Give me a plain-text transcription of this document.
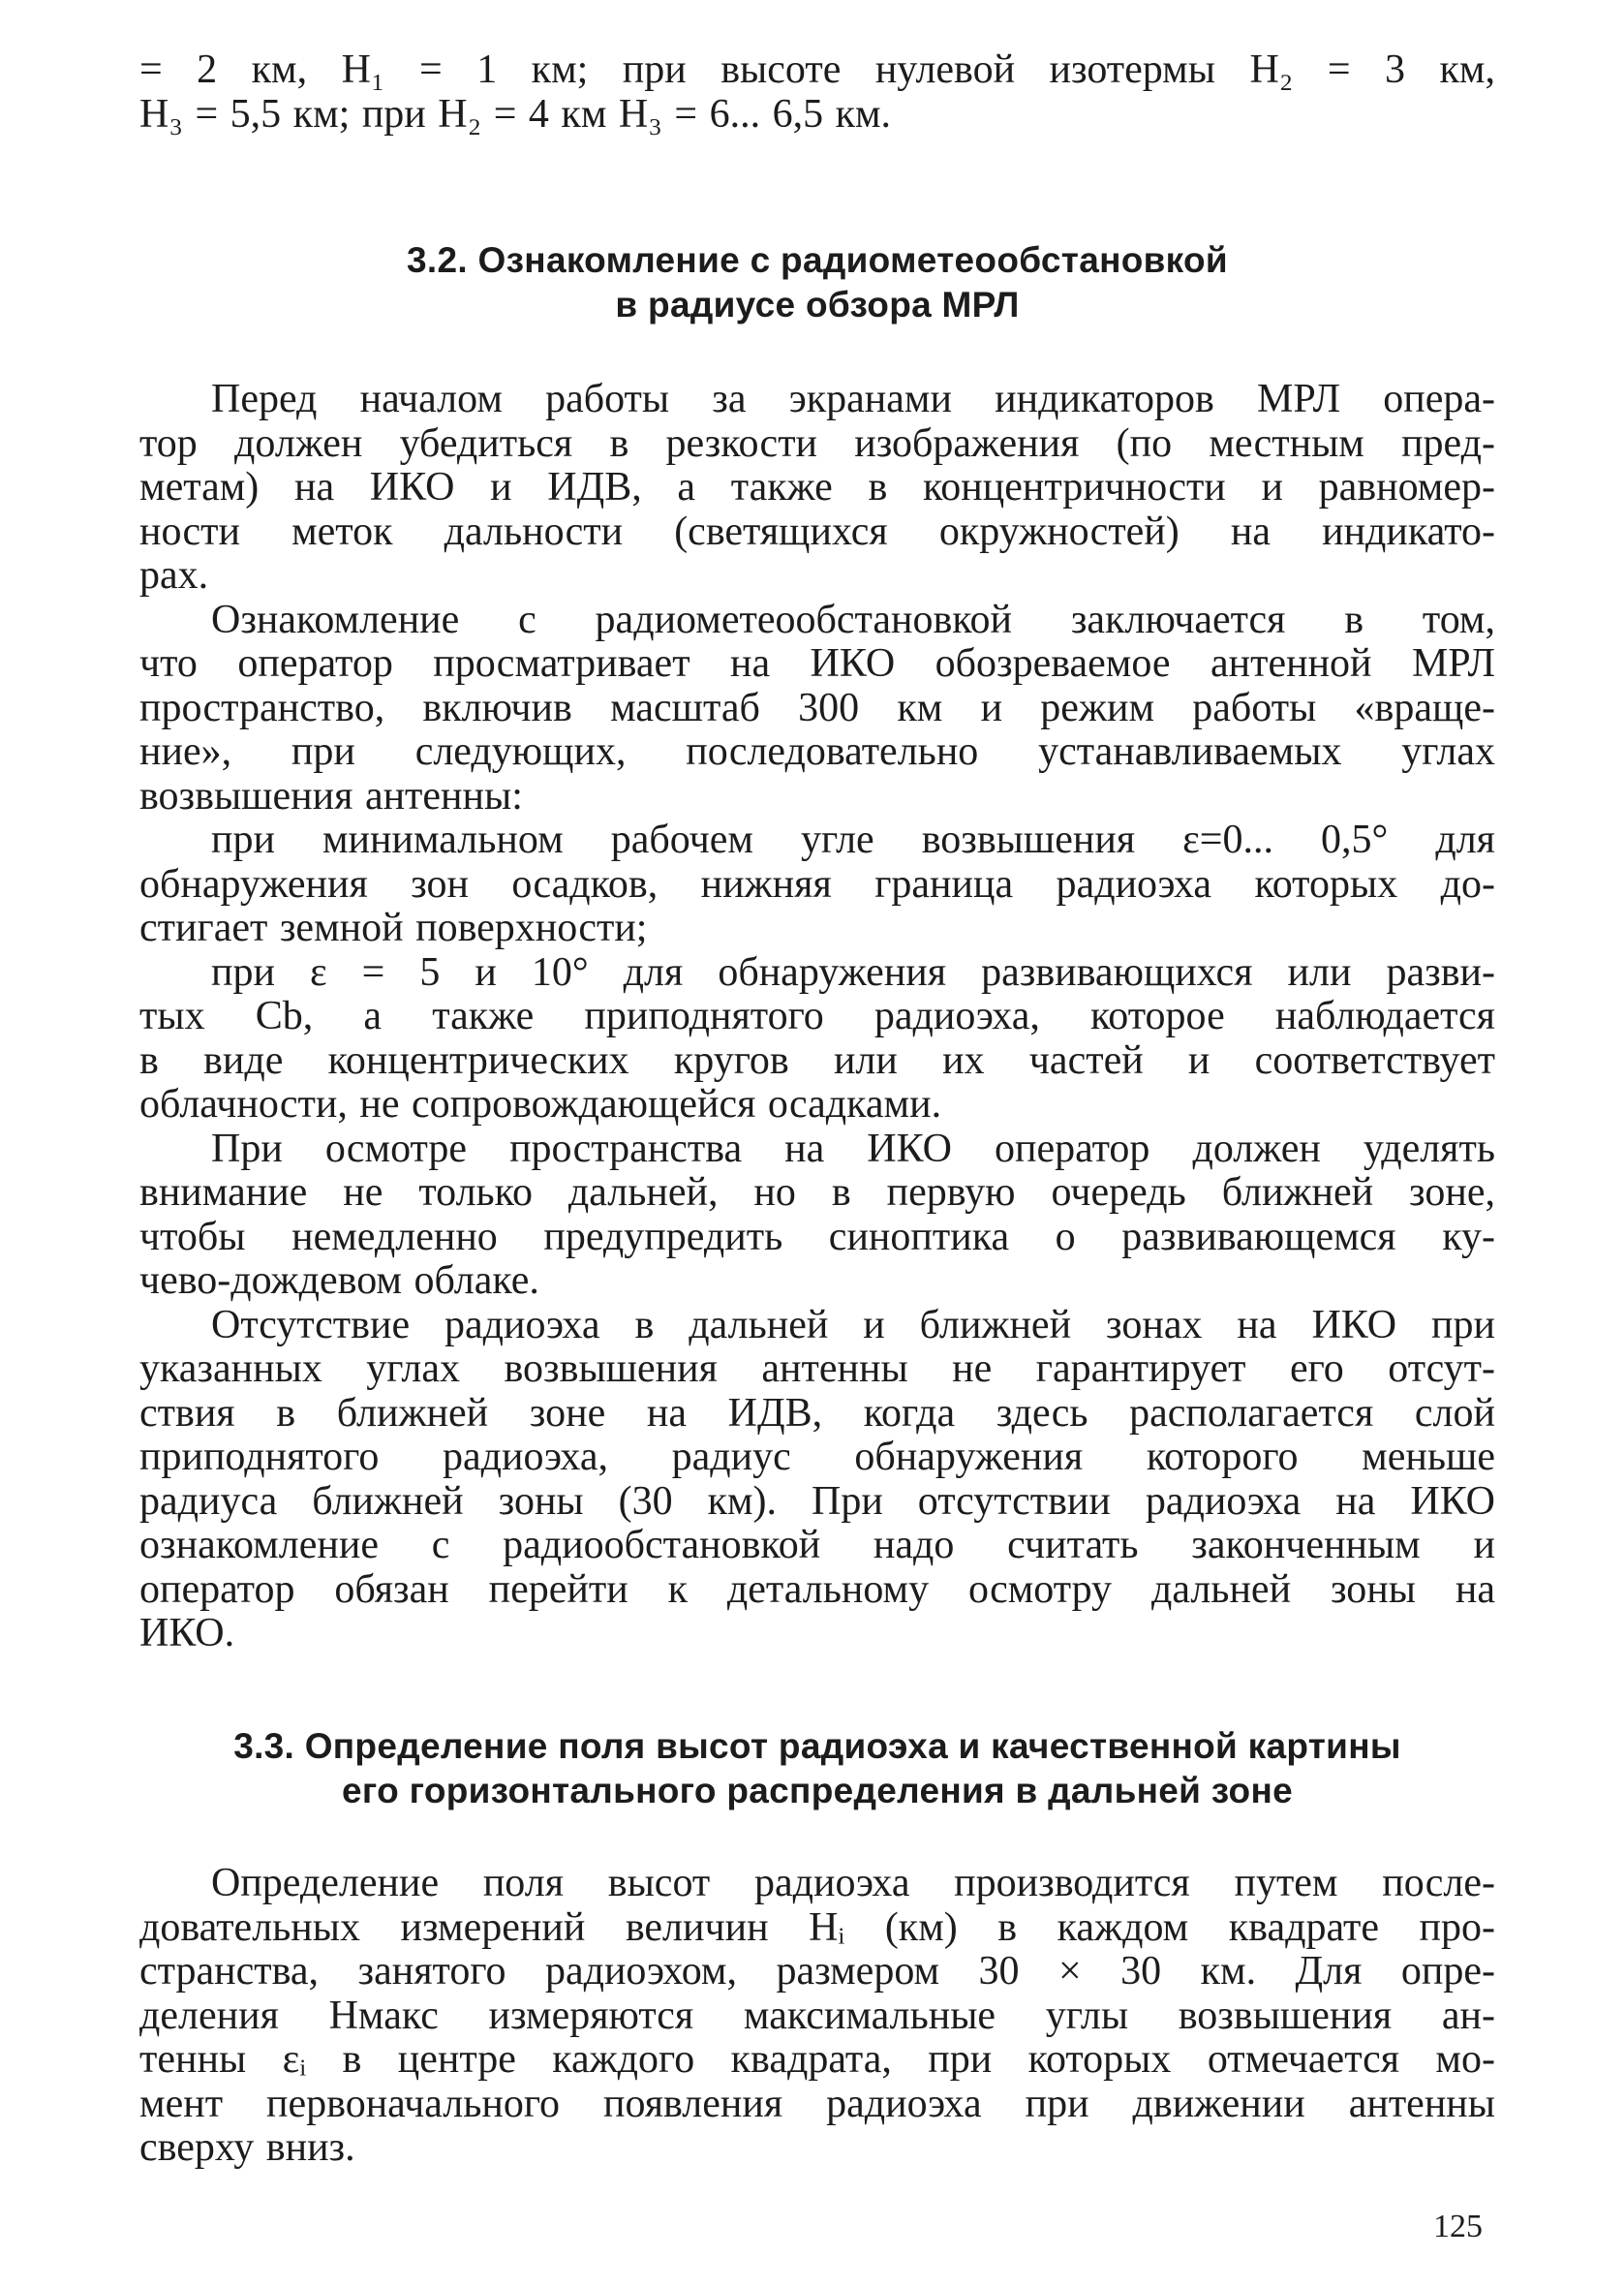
= 2 км, H₁ = 1 км; при высоте нулевой изотермы H₂ = 3 км,
H₃ = 5,5 км; при H₂ = 4 км H₃ = 6... 6,5 км.
3.2. Ознакомление с радиометеообстановкой
в радиусе обзора МРЛ
Перед началом работы за экранами индикаторов МРЛ опера-
тор должен убедиться в резкости изображения (по местным пред-
метам) на ИКО и ИДВ, а также в концентричности и равномер-
ности меток дальности (светящихся окружностей) на индикато-
рах.
Ознакомление с радиометеообстановкой заключается в том,
что оператор просматривает на ИКО обозреваемое антенной МРЛ
пространство, включив масштаб 300 км и режим работы «враще-
ние», при следующих, последовательно устанавливаемых углах
возвышения антенны:
при минимальном рабочем угле возвышения ε=0... 0,5° для
обнаружения зон осадков, нижняя граница радиоэха которых до-
стигает земной поверхности;
при ε = 5 и 10° для обнаружения развивающихся или разви-
тых Cb, а также приподнятого радиоэха, которое наблюдается
в виде концентрических кругов или их частей и соответствует
облачности, не сопровождающейся осадками.
При осмотре пространства на ИКО оператор должен уделять
внимание не только дальней, но в первую очередь ближней зоне,
чтобы немедленно предупредить синоптика о развивающемся ку-
чево-дождевом облаке.
Отсутствие радиоэха в дальней и ближней зонах на ИКО при
указанных углах возвышения антенны не гарантирует его отсут-
ствия в ближней зоне на ИДВ, когда здесь располагается слой
приподнятого радиоэха, радиус обнаружения которого меньше
радиуса ближней зоны (30 км). При отсутствии радиоэха на ИКО
ознакомление с радиообстановкой надо считать законченным и
оператор обязан перейти к детальному осмотру дальней зоны на
ИКО.
3.3. Определение поля высот радиоэха и качественной картины
его горизонтального распределения в дальней зоне
Определение поля высот радиоэха производится путем после-
довательных измерений величин Hᵢ (км) в каждом квадрате про-
странства, занятого радиоэхом, размером 30 × 30 км. Для опре-
деления Hмакс измеряются максимальные углы возвышения ан-
тенны εᵢ в центре каждого квадрата, при которых отмечается мо-
мент первоначального появления радиоэха при движении антенны
сверху вниз.
125
